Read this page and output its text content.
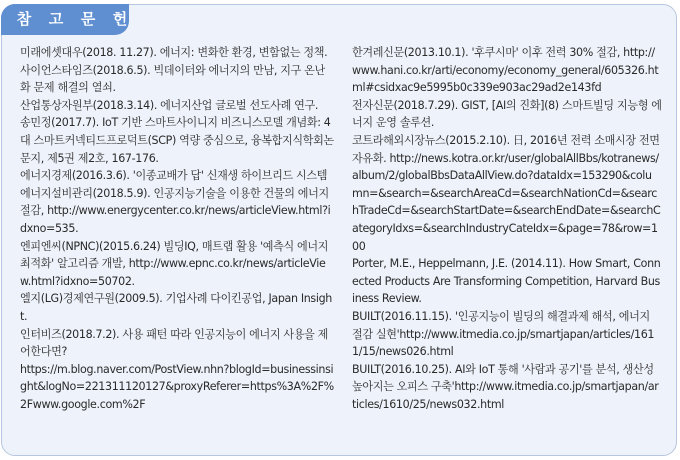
참 고 문 헌

미래에셋대우(2018. 11.27). 에너지: 변화한 환경, 변함없는 정책.

사이언스타임즈(2018.6.5). 빅데이터와 에너지의 만남, 지구 온난화 문제 해결의 열쇠.

산업통상자원부(2018.3.14). 에너지산업 글로벌 선도사례 연구.

송민정(2017.7). IoT 기반 스마트사이니지 비즈니스모델 개념화: 4대 스마트커넥티드프로덕트(SCP) 역량 중심으로, 융복합지식학회논문지, 제5권 제2호, 167-176.

에너지경제(2016.3.6). '이종교배가 답' 신재생 하이브리드 시스템

에너지설비관리(2018.5.9). 인공지능기술을 이용한 건물의 에너지 절감, http://www.energycenter.co.kr/news/articleView.html?idxno=535.

엔피엔씨(NPNC)(2015.6.24) 빌딩IQ, 매트랩 활용 '예측식 에너지 최적화' 알고리즘 개발, http://www.epnc.co.kr/news/articleView.html?idxno=50702.

엘지(LG)경제연구원(2009.5). 기업사례 다이킨공업, Japan Insight.

인터비즈(2018.7.2). 사용 패턴 따라 인공지능이 에너지 사용을 제어한다면?

https://m.blog.naver.com/PostView.nhn?blogId=businessinsight&logNo=221311120127&proxyReferer=https%3A%2F%2Fwww.google.com%2F

한겨레신문(2013.10.1). '후쿠시마' 이후 전력 30% 절감, http://www.hani.co.kr/arti/economy/economy_general/605326.html#csidxac9e5995b0c339e903ac29ad2e143fd

전자신문(2018.7.29). GIST, [AI의 진화](8) 스마트빌딩 지능형 에너지 운영 솔루션.

코트라해외시장뉴스(2015.2.10). 日, 2016년 전력 소매시장 전면 자유화. http://news.kotra.or.kr/user/globalAllBbs/kotranews/album/2/globalBbsDataAllView.do?dataIdx=153290&column=&search=&searchAreaCd=&searchNationCd=&searchTradeCd=&searchStartDate=&searchEndDate=&searchCategoryIdxs=&searchIndustryCateIdx=&page=78&row=100

Porter, M.E., Heppelmann, J.E. (2014.11). How Smart, Connected Products Are Transforming Competition, Harvard Business Review.

BUILT(2016.11.15). '인공지능이 빌딩의 해결과제 해석, 에너지 절감 실현'http://www.itmedia.co.jp/smartjapan/articles/1611/15/news026.html

BUILT(2016.10.25). AI와 IoT 통해 '사람과 공기'를 분석, 생산성 높아지는 오피스 구축'http://www.itmedia.co.jp/smartjapan/articles/1610/25/news032.html
